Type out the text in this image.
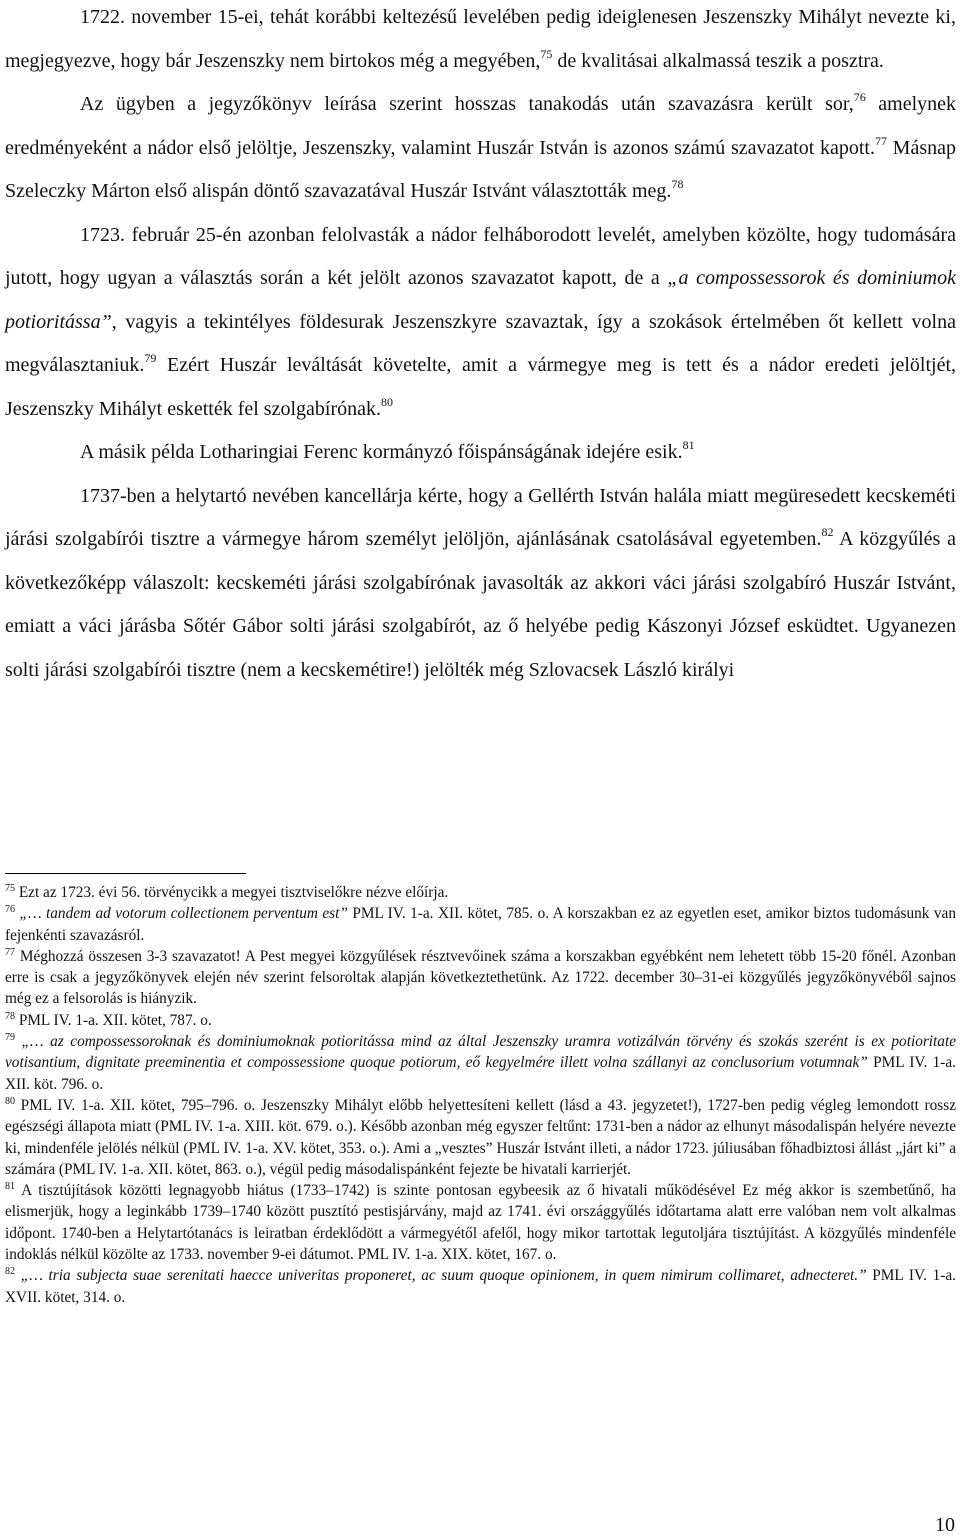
1722. november 15-ei, tehát korábbi keltezésű levelében pedig ideiglenesen Jeszenszky Mihályt nevezte ki, megjegyezve, hogy bár Jeszenszky nem birtokos még a megyében,$^{75}$ de kvalitásai alkalmassá teszik a posztra.

Az ügyben a jegyzőkönyv leírása szerint hosszas tanakodás után szavazásra került sor,$^{76}$ amelynek eredményeként a nádor első jelöltje, Jeszenszky, valamint Huszár István is azonos számú szavazatot kapott.$^{77}$ Másnap Szeleczky Márton első alispán döntő szavazatával Huszár Istvánt választották meg.$^{78}$

1723. február 25-én azonban felolvasták a nádor felháborodott levelét, amelyben közölte, hogy tudomására jutott, hogy ugyan a választás során a két jelölt azonos szavazatot kapott, de a „a compossessorok és dominiumok potioritássa”, vagyis a tekintélyes földesurak Jeszenszkyre szavaztak, így a szokások értelmében őt kellett volna megválasztaniuk.$^{79}$ Ezért Huszár leváltását követelte, amit a vármegye meg is tett és a nádor eredeti jelöltjét, Jeszenszky Mihályt eskették fel szolgabírónak.$^{80}$

A másik példa Lotharingiai Ferenc kormányzó főispánságának idejére esik.$^{81}$

1737-ben a helytartó nevében kancellárja kérte, hogy a Gellérth István halála miatt megüresedett kecskeméti járási szolgabírói tisztre a vármegye három személyt jelöljön, ajánlásának csatolásával egyetemben.$^{82}$ A közgyűlés a következőképp válaszolt: kecskeméti járási szolgabírónak javasolták az akkori váci járási szolgabíró Huszár Istvánt, emiatt a váci járásba Sőtér Gábor solti járási szolgabírót, az ő helyébe pedig Kászonyi József esküdtet. Ugyanezen solti járási szolgabírói tisztre (nem a kecskemétire!) jelölték még Szlovacsek László királyi

$^{75}$ Ezt az 1723. évi 56. törvénycikk a megyei tisztviselőkre nézve előírja.

$^{76}$ „… tandem ad votorum collectionem perventum est” PML IV. 1-a. XII. kötet, 785. o. A korszakban ez az egyetlen eset, amikor biztos tudomásunk van fejenkénti szavazásról.

$^{77}$ Méghozzá összesen 3-3 szavazatot! A Pest megyei közgyűlések résztvevőinek száma a korszakban egyébként nem lehetett több 15-20 főnél. Azonban erre is csak a jegyzőkönyvek elején név szerint felsoroltak alapján következtethetünk. Az 1722. december 30–31-ei közgyűlés jegyzőkönyvéből sajnos még ez a felsorolás is hiányzik.

$^{78}$ PML IV. 1-a. XII. kötet, 787. o.

$^{79}$ „… az compossessoroknak és dominiumoknak potioritássa mind az által Jeszenszky uramra votizálván törvény és szokás szerént is ex potioritate votisantium, dignitate preeminentia et compossessione quoque potiorum, eő kegyelmére illett volna szállanyi az conclusorium votumnak” PML IV. 1-a. XII. köt. 796. o.

$^{80}$ PML IV. 1-a. XII. kötet, 795–796. o. Jeszenszky Mihályt előbb helyettesíteni kellett (lásd a 43. jegyzetet!), 1727-ben pedig végleg lemondott rossz egészségi állapota miatt (PML IV. 1-a. XIII. köt. 679. o.). Később azonban még egyszer feltűnt: 1731-ben a nádor az elhunyt másodalispán helyére nevezte ki, mindenféle jelölés nélkül (PML IV. 1-a. XV. kötet, 353. o.). Ami a „vesztes” Huszár Istvánt illeti, a nádor 1723. júliusában főhadbiztosi állást „járt ki” a számára (PML IV. 1-a. XII. kötet, 863. o.), végül pedig másodalispánként fejezte be hivatali karrierjét.

$^{81}$ A tisztújítások közötti legnagyobb hiátus (1733–1742) is szinte pontosan egybeesik az ő hivatali működésével Ez még akkor is szembetűnő, ha elismerjük, hogy a leginkább 1739–1740 között pusztító pestisjárvány, majd az 1741. évi országgyűlés időtartama alatt erre valóban nem volt alkalmas időpont. 1740-ben a Helytartótanács is leiratban érdeklődött a vármegyétől afelől, hogy mikor tartottak legutoljára tisztújítást. A közgyűlés mindenféle indoklás nélkül közölte az 1733. november 9-ei dátumot. PML IV. 1-a. XIX. kötet, 167. o.

$^{82}$ „… tria subjecta suae serenitati haecce univeritas proponeret, ac suum quoque opinionem, in quem nimirum collimaret, adnecteret.” PML IV. 1-a. XVII. kötet, 314. o.

10
